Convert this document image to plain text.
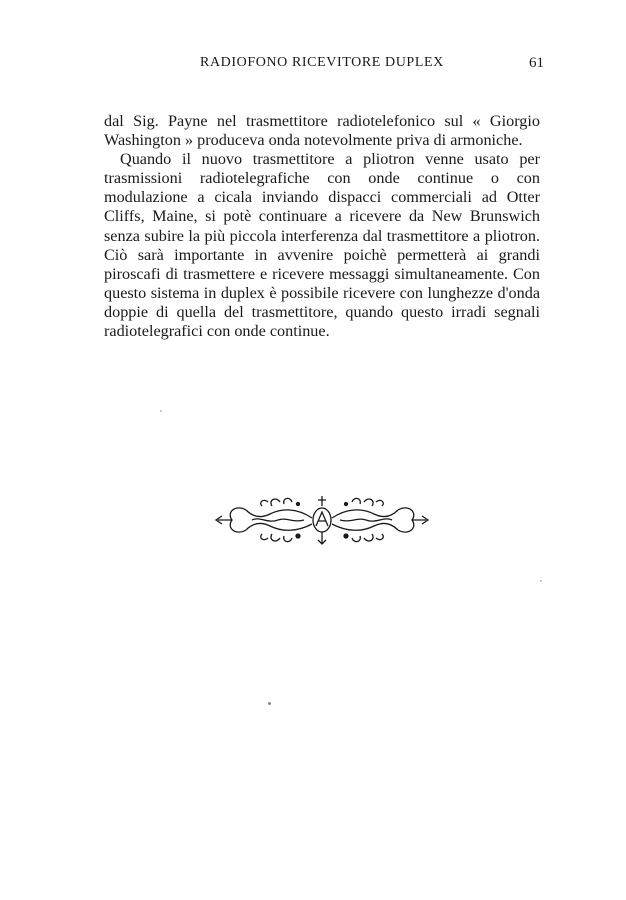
RADIOFONO RICEVITORE DUPLEX	61

dal Sig. Payne nel trasmettitore radiotelefonico sul « Giorgio Washington » produceva onda notevolmente priva di armoniche.

Quando il nuovo trasmettitore a pliotron venne usato per trasmissioni radiotelegrafiche con onde continue o con modulazione a cicala inviando dispacci commerciali ad Otter Cliffs, Maine, si potè continuare a ricevere da New Brunswich senza subire la più piccola interferenza dal trasmettitore a pliotron. Ciò sarà importante in avvenire poichè permetterà ai grandi piroscafi di trasmettere e ricevere messaggi simultaneamente. Con questo sistema in duplex è possibile ricevere con lunghezze d'onda doppie di quella del trasmettitore, quando questo irradi segnali radiotelegrafici con onde continue.
